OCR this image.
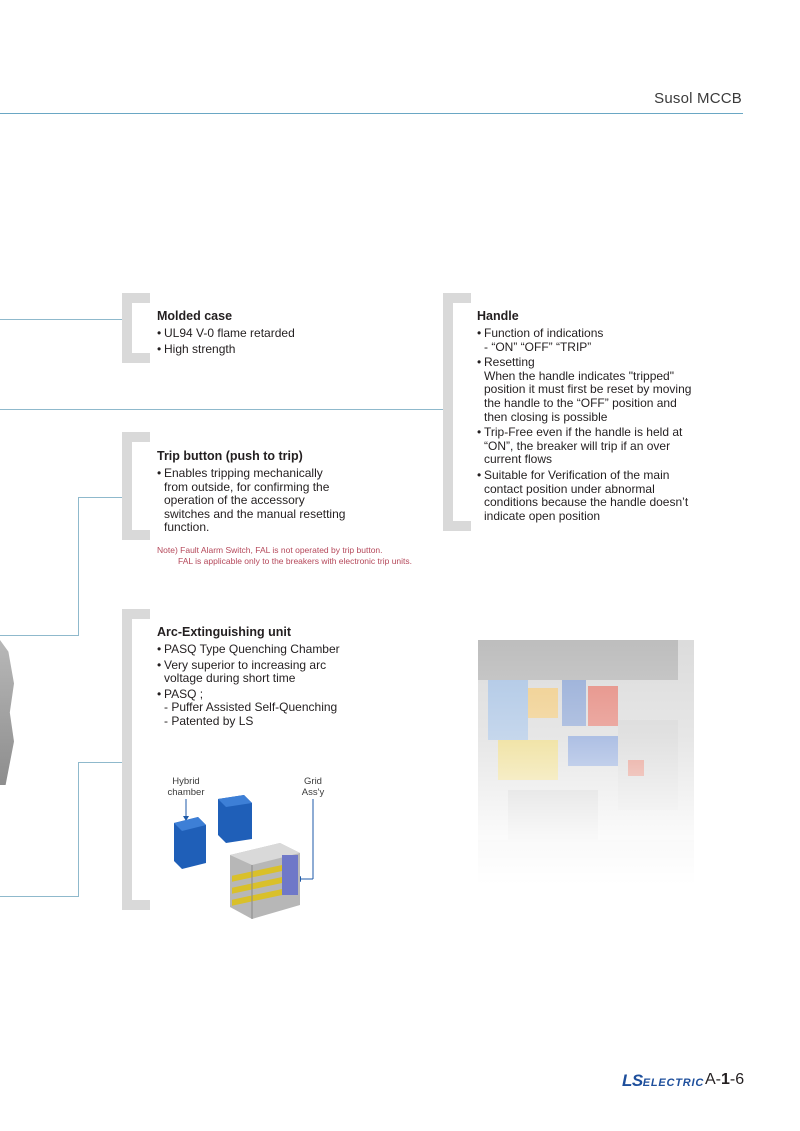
Susol MCCB
Molded case
• UL94 V-0 flame retarded
• High strength
Handle
• Function of indications
- “ON” “OFF” “TRIP”
• Resetting
When the handle indicates "tripped" position it must first be reset by moving the handle to the “OFF” position and then closing is possible
• Trip-Free even if the handle is held at “ON”, the breaker will trip if an over current flows
• Suitable for Verification of the main contact position under abnormal conditions because the handle doesn’t indicate open position
Trip button (push to trip)
• Enables tripping mechanically from outside, for confirming the operation of the accessory switches and the manual resetting function.
Note) Fault Alarm Switch, FAL is not operated by trip button.
FAL is applicable only to the breakers with electronic trip units.
Arc-Extinguishing unit
• PASQ Type Quenching Chamber
• Very superior to increasing arc voltage during short time
• PASQ ;
- Puffer Assisted Self-Quenching
- Patented by LS
Hybrid chamber
Grid Ass'y
LSELECTRIC A-1-6
